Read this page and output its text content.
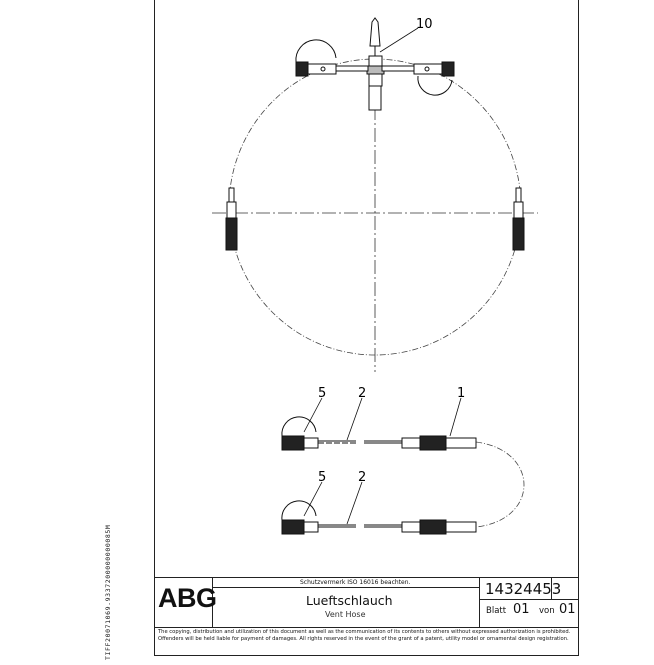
10
5 2	1
5 2
TIFF20071069.9337200000000085M ABG
Schutzvermerk ISO 16016 beachten.
Lueftschlauch
Vent Hose
14324453
Blatt 01 von 01
The copying, distribution and utilization of this document as well as the communication of its contents to others without expressed authorization is prohibited. Offenders will be held liable for payment of damages. All rights reserved in the event of the grant of a patent, utility model or ornamental design registration.
